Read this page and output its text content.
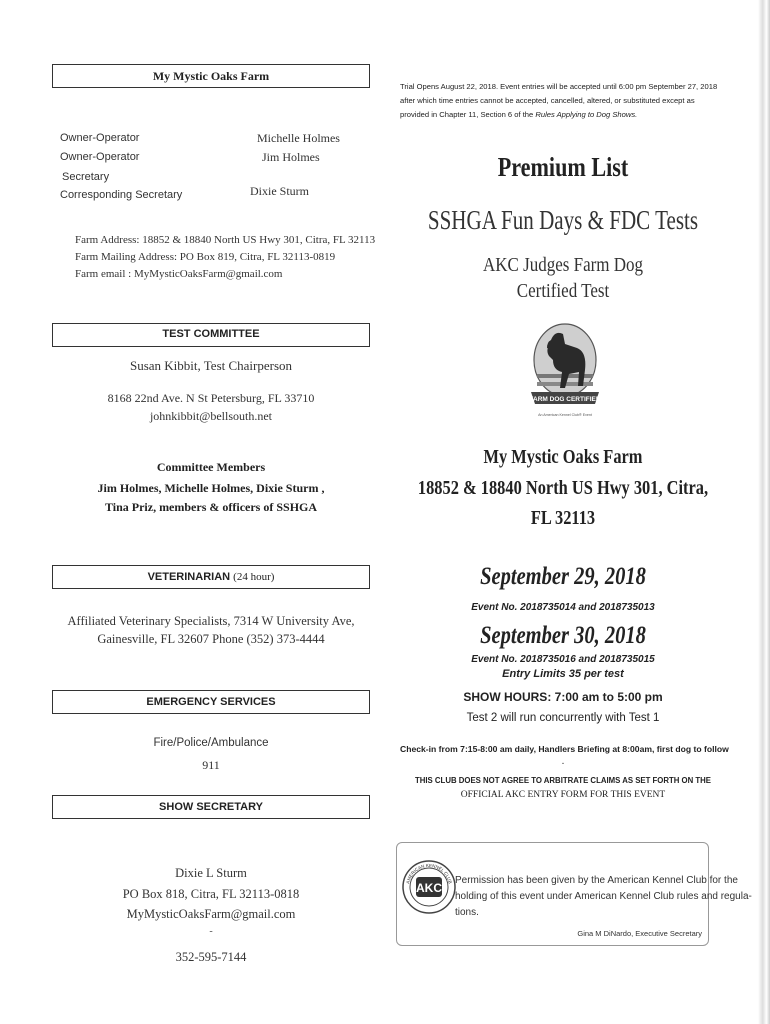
My Mystic Oaks Farm
Owner-Operator	Michelle Holmes
Owner-Operator	Jim Holmes
Secretary
Corresponding Secretary	Dixie Sturm
Farm Address: 18852 & 18840 North US Hwy 301, Citra, FL 32113
Farm Mailing Address: PO Box 819, Citra, FL 32113-0819
Farm email : MyMysticOaksFarm@gmail.com
TEST COMMITTEE
Susan Kibbit, Test Chairperson
8168 22nd Ave. N St Petersburg, FL 33710
johnkibbit@bellsouth.net
Committee Members
Jim Holmes, Michelle Holmes, Dixie Sturm ,
Tina Priz, members & officers of SSHGA
VETERINARIAN (24 hour)
Affiliated Veterinary Specialists, 7314 W University Ave,
Gainesville, FL 32607 Phone (352) 373-4444
EMERGENCY SERVICES
Fire/Police/Ambulance
911
SHOW SECRETARY
Dixie L Sturm
PO Box 818, Citra, FL 32113-0818
MyMysticOaksFarm@gmail.com
-
352-595-7144
Trial Opens August 22, 2018. Event entries will be accepted until 6:00 pm September 27, 2018
after which time entries cannot be accepted, cancelled, altered, or substituted except as
provided in Chapter 11, Section 6 of the Rules Applying to Dog Shows.
Premium List
SSHGA Fun Days & FDC Tests
AKC Judges Farm Dog
Certified Test
FARM DOG CERTIFIED
An American Kennel Club® Event
My Mystic Oaks Farm
18852 & 18840 North US Hwy 301, Citra,
FL 32113
September 29, 2018
Event No. 2018735014 and 2018735013
September 30, 2018
Event No. 2018735016 and 2018735015
Entry Limits 35 per test
SHOW HOURS: 7:00 am to 5:00 pm
Test 2 will run concurrently with Test 1
Check-in from 7:15-8:00 am daily, Handlers Briefing at 8:00am, first dog to follow
.
THIS CLUB DOES NOT AGREE TO ARBITRATE CLAIMS AS SET FORTH ON THE
OFFICIAL AKC ENTRY FORM FOR THIS EVENT
AKC
AMERICAN KENNEL CLUB Permission has been given by the American Kennel Club for the
holding of this event under American Kennel Club rules and regula-
tions.
Gina M DiNardo, Executive Secretary
